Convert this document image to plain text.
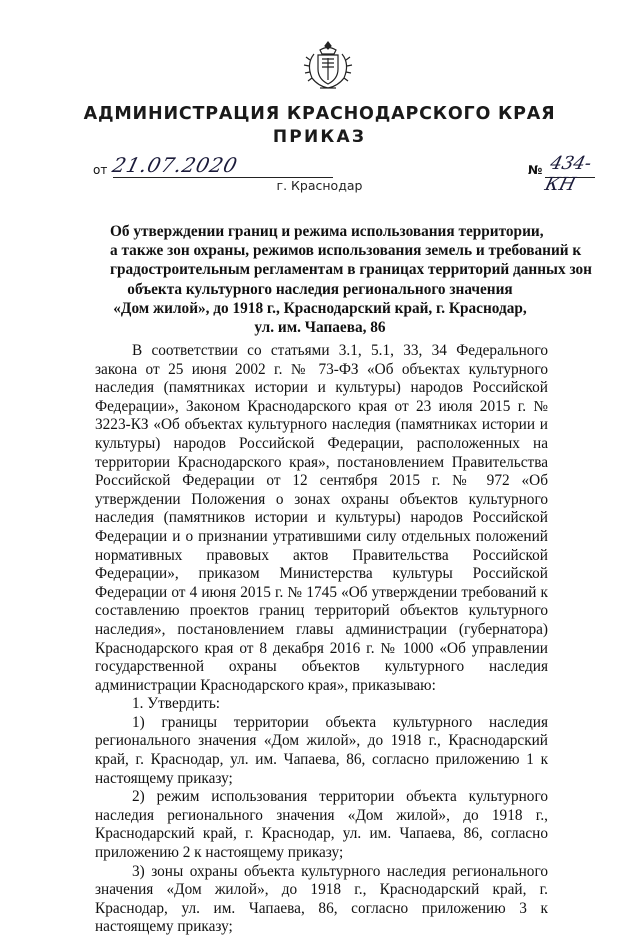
АДМИНИСТРАЦИЯ КРАСНОДАРСКОГО КРАЯ
ПРИКАЗ
от 21.07.2020	№ 434-КН
г. Краснодар
Об утверждении границ и режима использования территории,
а также зон охраны, режимов использования земель и требований к
градостроительным регламентам в границах территорий данных зон
объекта культурного наследия регионального значения
«Дом жилой», до 1918 г., Краснодарский край, г. Краснодар,
ул. им. Чапаева, 86

В соответствии со статьями 3.1, 5.1, 33, 34 Федерального закона от 25 июня 2002 г. № 73-ФЗ «Об объектах культурного наследия (памятниках истории и культуры) народов Российской Федерации», Законом Краснодарского края от 23 июля 2015 г. № 3223-КЗ «Об объектах культурного наследия (памятниках истории и культуры) народов Российской Федерации, расположенных на территории Краснодарского края», постановлением Правительства Российской Федерации от 12 сентября 2015 г. № 972 «Об утверждении Положения о зонах охраны объектов культурного наследия (памятников истории и культуры) народов Российской Федерации и о признании утратившими силу отдельных положений нормативных правовых актов Правительства Российской Федерации», приказом Министерства культуры Российской Федерации от 4 июня 2015 г. № 1745 «Об утверждении требований к составлению проектов границ территорий объектов культурного наследия», постановлением главы администрации (губернатора) Краснодарского края от 8 декабря 2016 г. № 1000 «Об управлении государственной охраны объектов культурного наследия администрации Краснодарского края», приказываю:

1. Утвердить:

1) границы территории объекта культурного наследия регионального значения «Дом жилой», до 1918 г., Краснодарский край, г. Краснодар, ул. им. Чапаева, 86, согласно приложению 1 к настоящему приказу;

2) режим использования территории объекта культурного наследия регионального значения «Дом жилой», до 1918 г., Краснодарский край, г. Краснодар, ул. им. Чапаева, 86, согласно приложению 2 к настоящему приказу;

3) зоны охраны объекта культурного наследия регионального значения «Дом жилой», до 1918 г., Краснодарский край, г. Краснодар, ул. им. Чапаева, 86, согласно приложению 3 к настоящему приказу;
